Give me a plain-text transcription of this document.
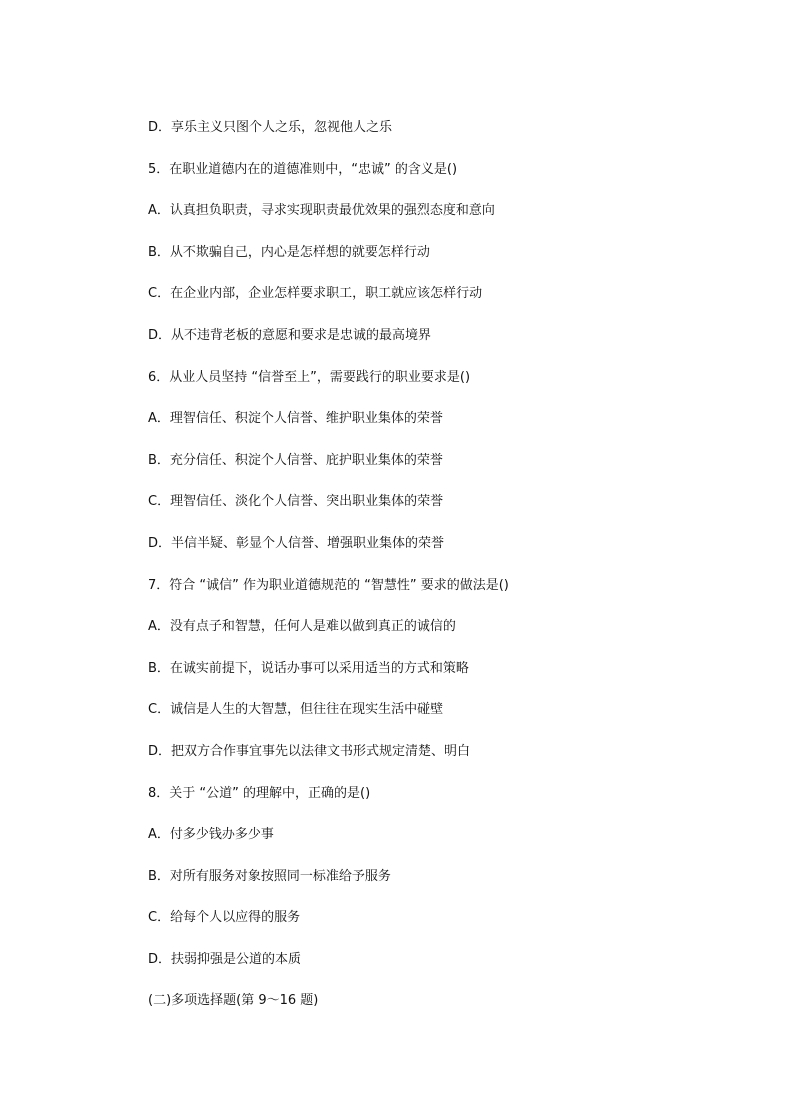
D．享乐主义只图个人之乐，忽视他人之乐
5．在职业道德内在的道德准则中，“忠诚” 的含义是()
A．认真担负职责，寻求实现职责最优效果的强烈态度和意向
B．从不欺骗自己，内心是怎样想的就要怎样行动
C．在企业内部，企业怎样要求职工，职工就应该怎样行动
D．从不违背老板的意愿和要求是忠诚的最高境界
6．从业人员坚持 “信誉至上”，需要践行的职业要求是()
A．理智信任、积淀个人信誉、维护职业集体的荣誉
B．充分信任、积淀个人信誉、庇护职业集体的荣誉
C．理智信任、淡化个人信誉、突出职业集体的荣誉
D．半信半疑、彰显个人信誉、增强职业集体的荣誉
7．符合 “诚信” 作为职业道德规范的 “智慧性” 要求的做法是()
A．没有点子和智慧，任何人是难以做到真正的诚信的
B．在诚实前提下，说话办事可以采用适当的方式和策略
C．诚信是人生的大智慧，但往往在现实生活中碰壁
D．把双方合作事宜事先以法律文书形式规定清楚、明白
8．关于 “公道” 的理解中，正确的是()
A．付多少钱办多少事
B．对所有服务对象按照同一标准给予服务
C．给每个人以应得的服务
D．扶弱抑强是公道的本质
(二)多项选择题(第 9～16 题)
